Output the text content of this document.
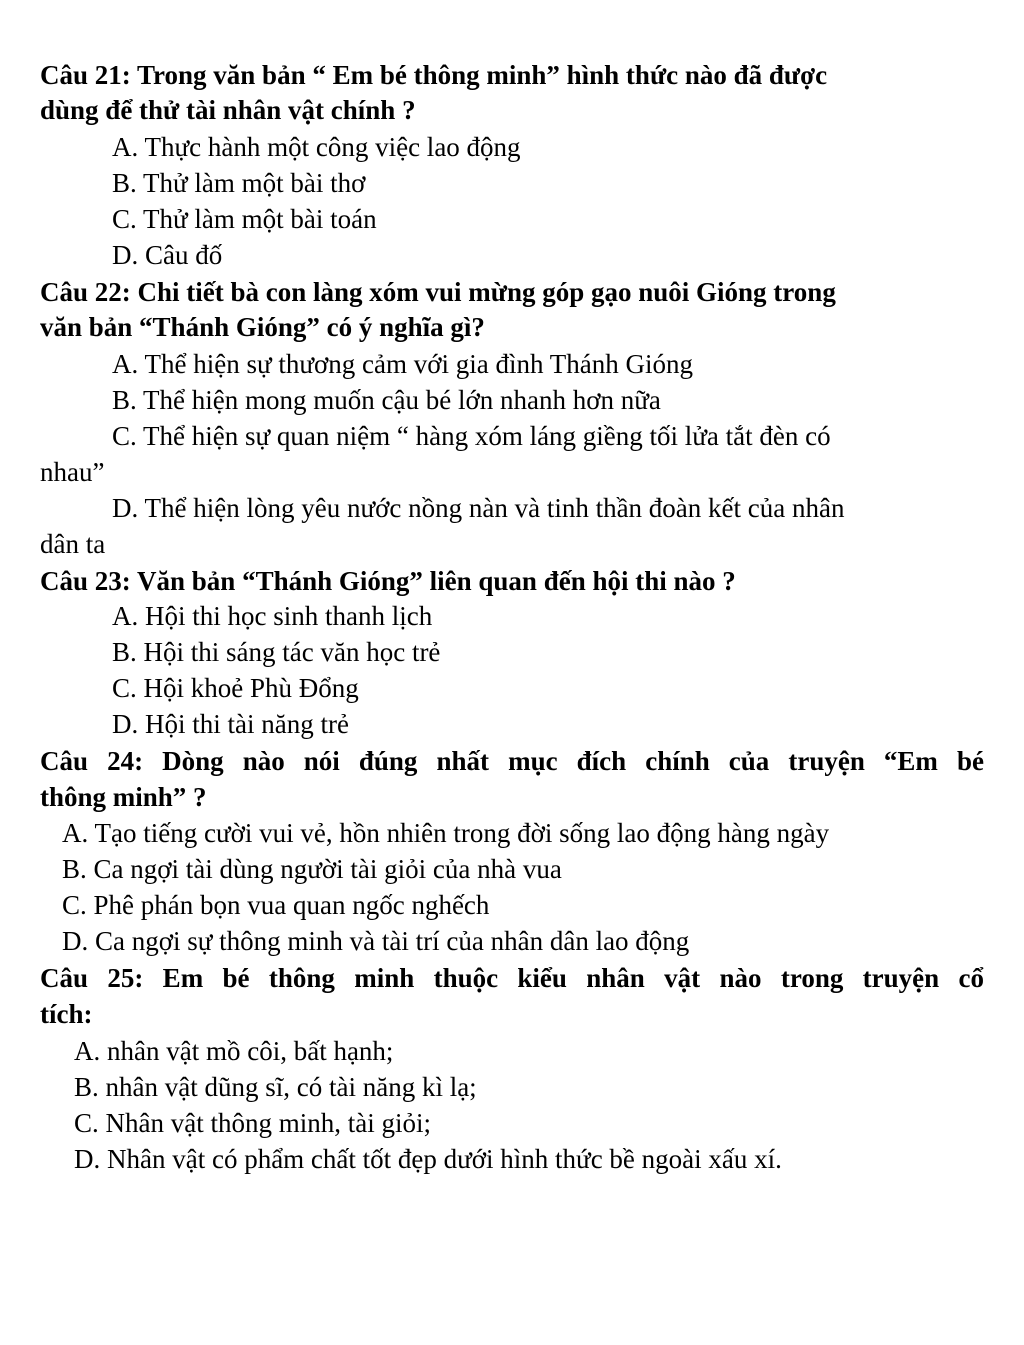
Câu 21: Trong văn bản “ Em bé thông minh” hình thức nào đã được
dùng để thử tài nhân vật chính ?
A. Thực hành một công việc lao động
B. Thử làm một bài thơ
C. Thử làm một bài toán
D. Câu đố
Câu 22: Chi tiết bà con làng xóm vui mừng góp gạo nuôi Gióng trong
văn bản “Thánh Gióng” có ý nghĩa gì?
A. Thể hiện sự thương cảm với gia đình Thánh Gióng
B. Thể hiện mong muốn cậu bé lớn nhanh hơn nữa
C. Thể hiện sự quan niệm “ hàng xóm láng giềng tối lửa tắt đèn có
nhau”
D. Thể hiện lòng yêu nước nồng nàn và tinh thần đoàn kết của nhân
dân ta
Câu 23: Văn bản “Thánh Gióng” liên quan đến hội thi nào ?
A. Hội thi học sinh thanh lịch
B. Hội thi sáng tác văn học trẻ
C. Hội khoẻ Phù Đổng
D. Hội thi tài năng trẻ
Câu 24: Dòng nào nói đúng nhất mục đích chính của truyện “Em bé
thông minh” ?
A. Tạo tiếng cười vui vẻ, hồn nhiên trong đời sống lao động hàng ngày
B. Ca ngợi tài dùng người tài giỏi của nhà vua
C. Phê phán bọn vua quan ngốc nghếch
D. Ca ngợi sự thông minh và tài trí của nhân dân lao động
Câu 25: Em bé thông minh thuộc kiểu nhân vật nào trong truyện cổ
tích:
A. nhân vật mồ côi, bất hạnh;
B. nhân vật dũng sĩ, có tài năng kì lạ;
C. Nhân vật thông minh, tài giỏi;
D. Nhân vật có phẩm chất tốt đẹp dưới hình thức bề ngoài xấu xí.
